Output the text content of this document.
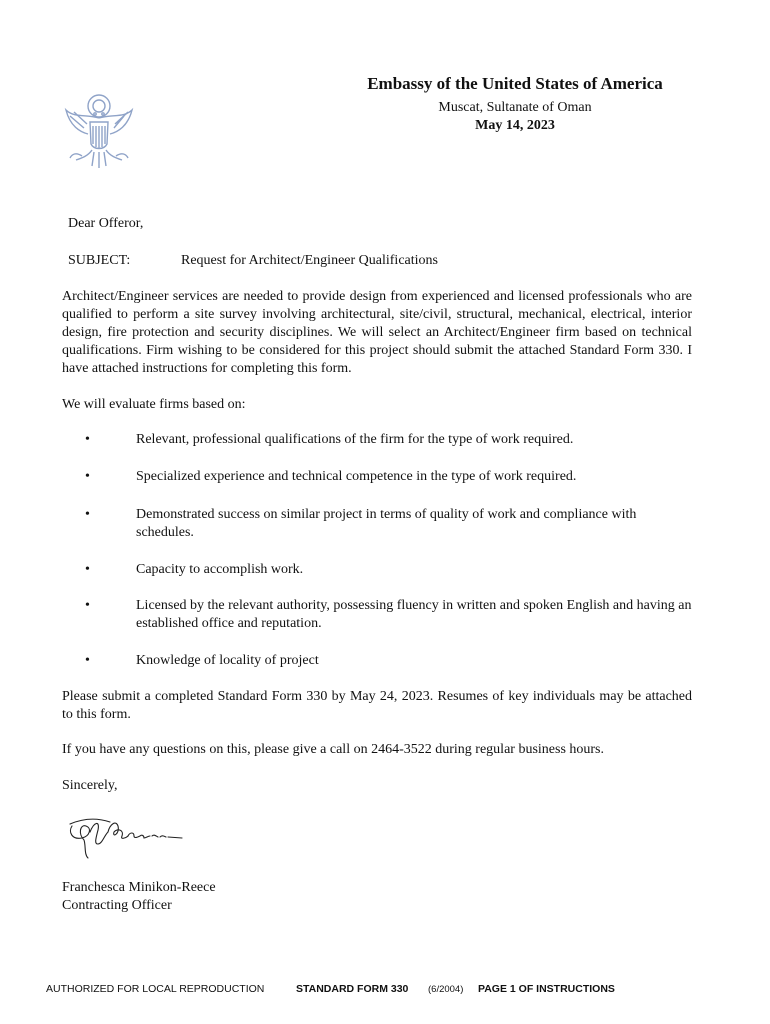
Embassy of the United States of America
Muscat, Sultanate of Oman
May 14, 2023
Dear Offeror,
SUBJECT:	Request for Architect/Engineer Qualifications
Architect/Engineer services are needed to provide design from experienced and licensed professionals who are qualified to perform a site survey involving architectural, site/civil, structural, mechanical, electrical, interior design, fire protection and security disciplines. We will select an Architect/Engineer firm based on technical qualifications. Firm wishing to be considered for this project should submit the attached Standard Form 330. I have attached instructions for completing this form.
We will evaluate firms based on:
•	Relevant, professional qualifications of the firm for the type of work required.
•	Specialized experience and technical competence in the type of work required.
•	Demonstrated success on similar project in terms of quality of work and compliance with schedules.
•	Capacity to accomplish work.
•	Licensed by the relevant authority, possessing fluency in written and spoken English and having an established office and reputation.
•	Knowledge of locality of project
Please submit a completed Standard Form 330 by May 24, 2023. Resumes of key individuals may be attached to this form.
If you have any questions on this, please give a call on 2464-3522 during regular business hours.
Sincerely,
Franchesca Minikon-Reece
Contracting Officer
AUTHORIZED FOR LOCAL REPRODUCTION	STANDARD FORM 330 (6/2004) PAGE 1 OF INSTRUCTIONS
